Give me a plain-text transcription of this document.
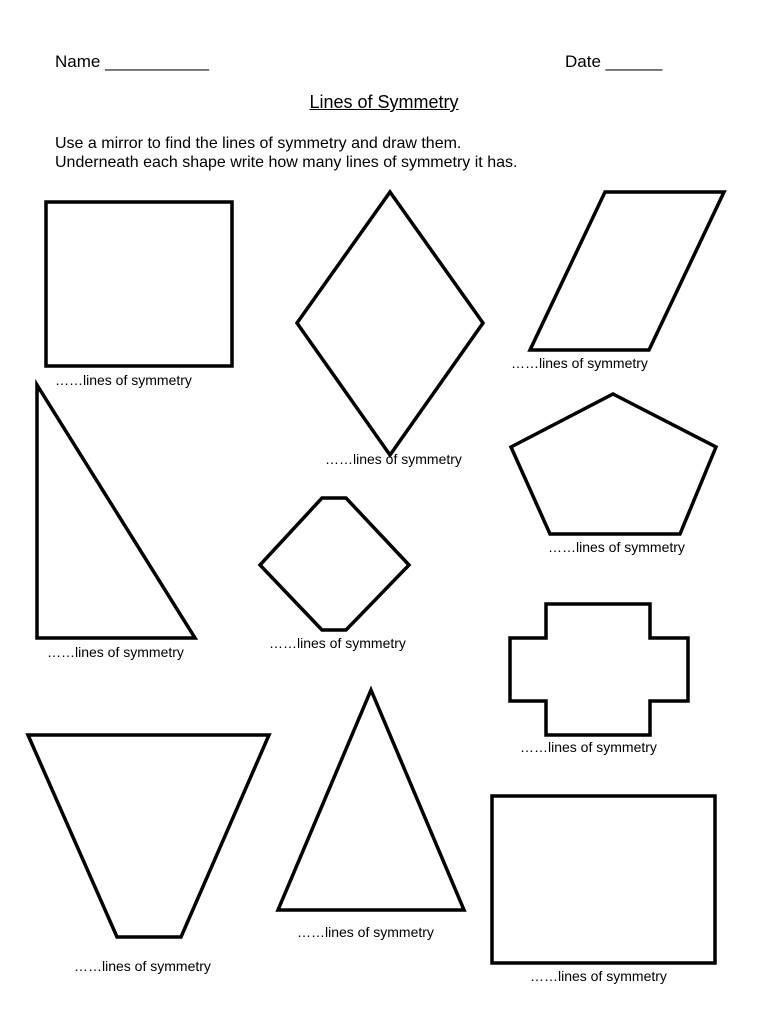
Name ___________	Date ______
Lines of Symmetry
Use a mirror to find the lines of symmetry and draw them.
Underneath each shape write how many lines of symmetry it has.
……lines of symmetry
……lines of symmetry
……lines of symmetry
……lines of symmetry
……lines of symmetry
……lines of symmetry
……lines of symmetry
……lines of symmetry
……lines of symmetry
……lines of symmetry
